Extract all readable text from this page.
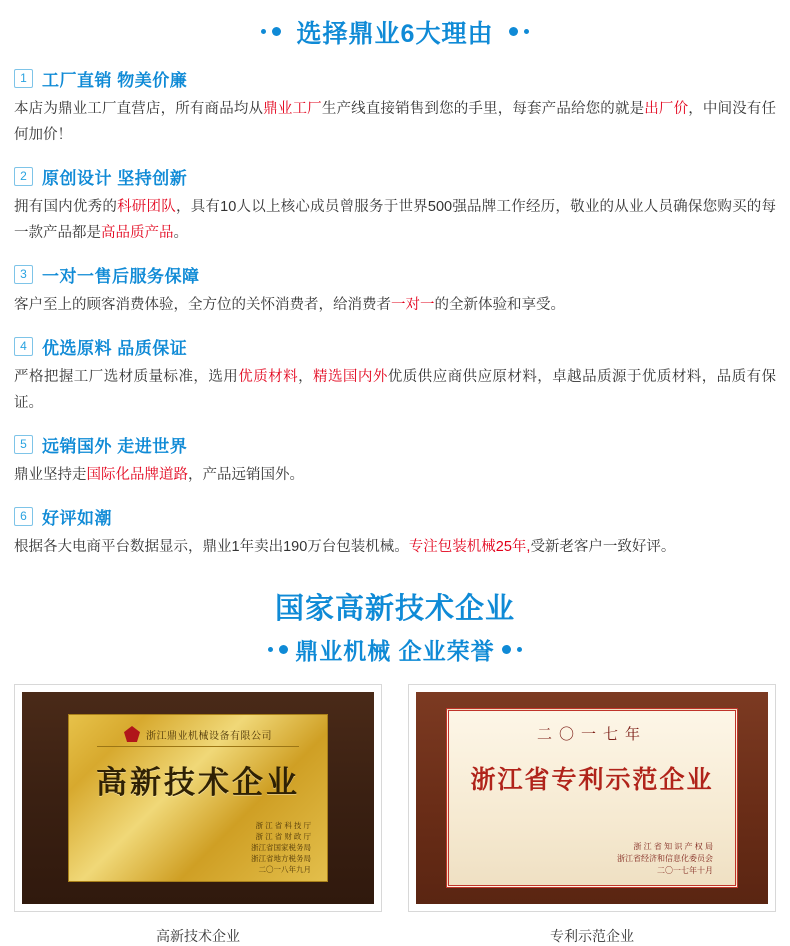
选择鼎业6大理由
1 工厂直销 物美价廉
本店为鼎业工厂直营店，所有商品均从鼎业工厂生产线直接销售到您的手里，每套产品给您的就是出厂价，中间没有任何加价！
2 原创设计 坚持创新
拥有国内优秀的科研团队，具有10人以上核心成员曾服务于世界500强品牌工作经历，敬业的从业人员确保您购买的每一款产品都是高品质产品。
3 一对一售后服务保障
客户至上的顾客消费体验，全方位的关怀消费者，给消费者一对一的全新体验和享受。
4 优选原料 品质保证
严格把握工厂选材质量标准，选用优质材料，精选国内外优质供应商供应原材料，卓越品质源于优质材料，品质有保证。
5 远销国外 走进世界
鼎业坚持走国际化品牌道路，产品远销国外。
6 好评如潮
根据各大电商平台数据显示，鼎业1年卖出190万台包装机械。专注包装机械25年,受新老客户一致好评。
国家高新技术企业
鼎业机械 企业荣誉
浙江鼎业机械设备有限公司
高新技术企业
浙 江 省 科 技 厅
浙 江 省 财 政 厅
浙江省国家税务局
浙江省地方税务局
二〇一八年九月
高新技术企业
二〇一七年
浙江省专利示范企业
浙 江 省 知 识 产 权 局
浙江省经济和信息化委员会
二〇一七年十月
专利示范企业
